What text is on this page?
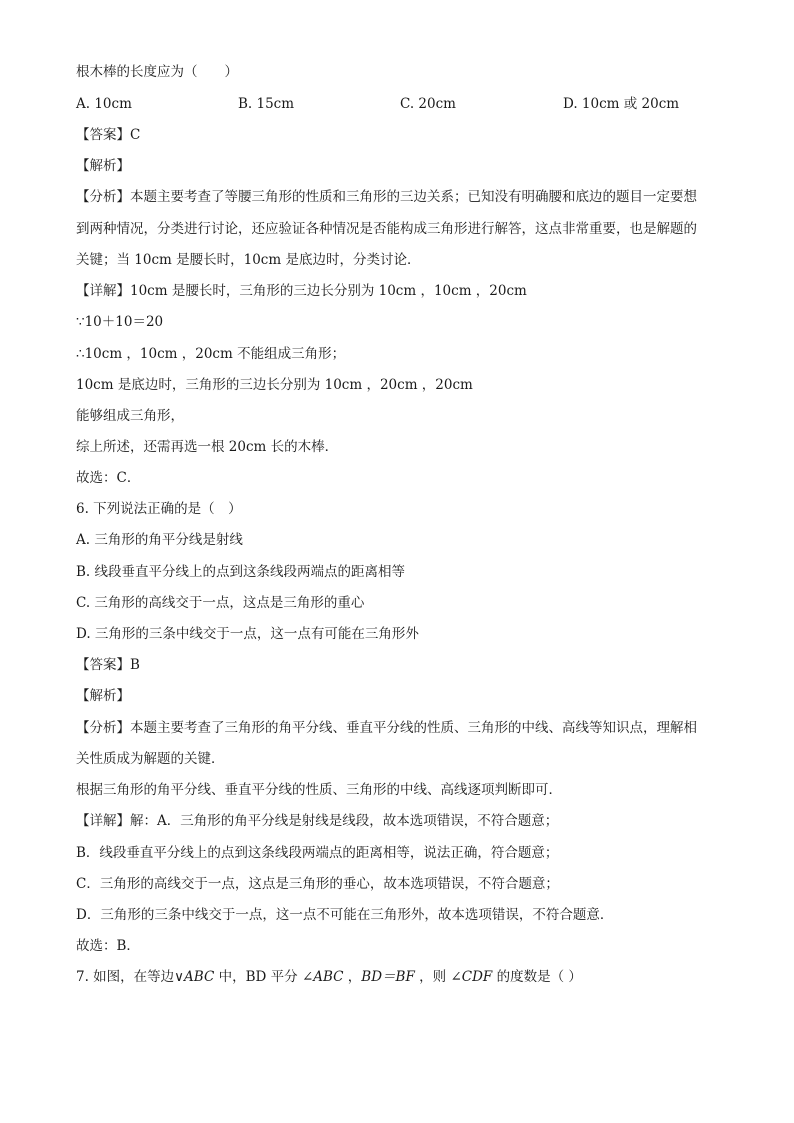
根木棒的长度应为（　　）
A. 10cm	B. 15cm	C. 20cm	D. 10cm 或 20cm
【答案】C
【解析】
【分析】本题主要考查了等腰三角形的性质和三角形的三边关系；已知没有明确腰和底边的题目一定要想
到两种情况，分类进行讨论，还应验证各种情况是否能构成三角形进行解答，这点非常重要，也是解题的
关键；当 10cm 是腰长时，10cm 是底边时，分类讨论．
【详解】10cm 是腰长时，三角形的三边长分别为 10cm ，10cm ，20cm
∵10＋10＝20
∴10cm ，10cm ，20cm 不能组成三角形；
10cm 是底边时，三角形的三边长分别为 10cm ，20cm ，20cm
能够组成三角形，
综上所述，还需再选一根 20cm 长的木棒．
故选：C．
6. 下列说法正确的是（　）
A. 三角形的角平分线是射线
B. 线段垂直平分线上的点到这条线段两端点的距离相等
C. 三角形的高线交于一点，这点是三角形的重心
D. 三角形的三条中线交于一点，这一点有可能在三角形外
【答案】B
【解析】
【分析】本题主要考查了三角形的角平分线、垂直平分线的性质、三角形的中线、高线等知识点，理解相
关性质成为解题的关键．
根据三角形的角平分线、垂直平分线的性质、三角形的中线、高线逐项判断即可．
【详解】解：A．三角形的角平分线是射线是线段，故本选项错误，不符合题意；
B．线段垂直平分线上的点到这条线段两端点的距离相等，说法正确，符合题意；
C．三角形的高线交于一点，这点是三角形的垂心，故本选项错误，不符合题意；
D．三角形的三条中线交于一点，这一点不可能在三角形外，故本选项错误，不符合题意．
故选：B．
7. 如图，在等边∨ABC 中，BD 平分 ∠ABC ，BD＝BF ，则 ∠CDF 的度数是（ ）
